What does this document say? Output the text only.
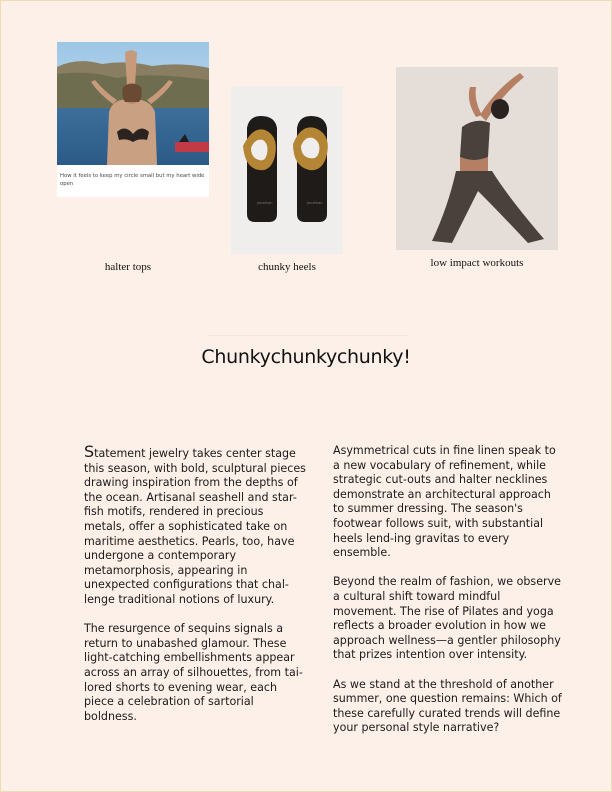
How it feels to keep my circle small but my heart wide open
Jonathan	Jonathan
halter tops	chunky heels	low impact workouts
Chunkychunkychunky!

Statement jewelry takes center stage this season, with bold, sculptural pieces drawing inspiration from the depths of the ocean. Artisanal seashell and star-fish motifs, rendered in precious metals, offer a sophisticated take on maritime aesthetics. Pearls, too, have undergone a contemporary metamorphosis, appearing in unexpected configurations that chal-lenge traditional notions of luxury.

The resurgence of sequins signals a return to unabashed glamour. These light-catching embellishments appear across an array of silhouettes, from tai-lored shorts to evening wear, each piece a celebration of sartorial boldness.

Asymmetrical cuts in fine linen speak to a new vocabulary of refinement, while strategic cut-outs and halter necklines demonstrate an architectural approach to summer dressing. The season's footwear follows suit, with substantial heels lend-ing gravitas to every ensemble.

Beyond the realm of fashion, we observe a cultural shift toward mindful movement. The rise of Pilates and yoga reflects a broader evolution in how we approach wellness—a gentler philosophy that prizes intention over intensity.

As we stand at the threshold of another summer, one question remains: Which of these carefully curated trends will define your personal style narrative?
